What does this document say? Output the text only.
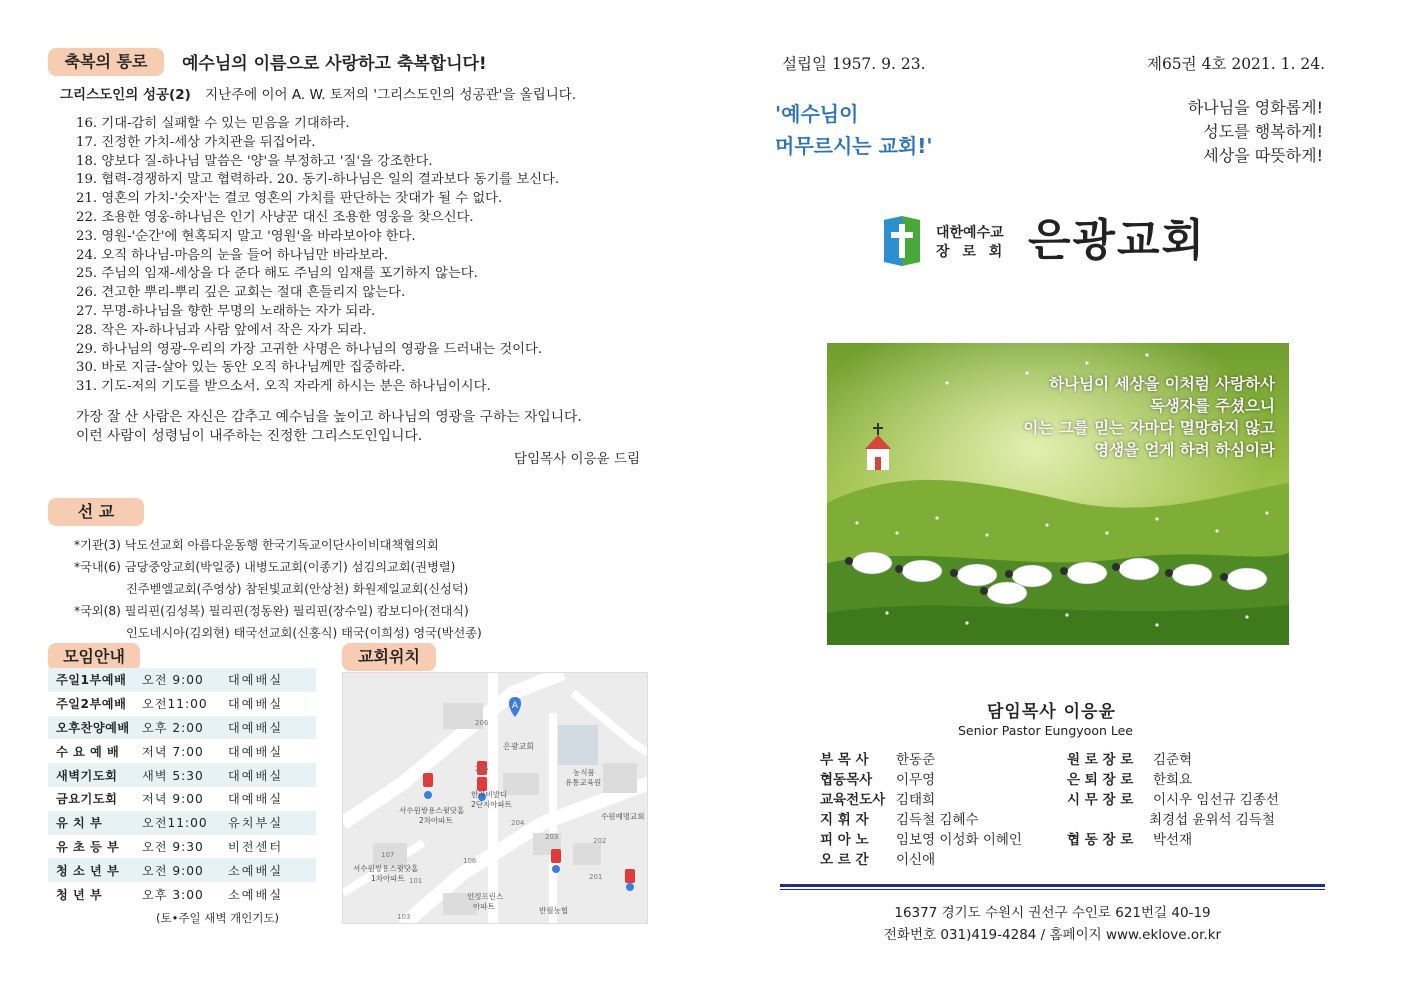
축복의 통로	예수님의 이름으로 사랑하고 축복합니다!
그리스도인의 성공(2) 지난주에 이어 A. W. 토저의 '그리스도인의 성공관'을 올립니다.
16. 기대-감히 실패할 수 있는 믿음을 기대하라.
17. 진정한 가치-세상 가치관을 뒤집어라.
18. 양보다 질-하나님 말씀은 '양'을 부정하고 '질'을 강조한다.
19. 협력-경쟁하지 말고 협력하라. 20. 동기-하나님은 일의 결과보다 동기를 보신다.
21. 영혼의 가치-'숫자'는 결코 영혼의 가치를 판단하는 잣대가 될 수 없다.
22. 조용한 영웅-하나님은 인기 사냥꾼 대신 조용한 영웅을 찾으신다.
23. 영원-'순간'에 현혹되지 말고 '영원'을 바라보아야 한다.
24. 오직 하나님-마음의 눈을 들어 하나님만 바라보라.
25. 주님의 임재-세상을 다 준다 해도 주님의 임재를 포기하지 않는다.
26. 견고한 뿌리-뿌리 깊은 교회는 절대 흔들리지 않는다.
27. 무명-하나님을 향한 무명의 노래하는 자가 되라.
28. 작은 자-하나님과 사람 앞에서 작은 자가 되라.
29. 하나님의 영광-우리의 가장 고귀한 사명은 하나님의 영광을 드러내는 것이다.
30. 바로 지금-살아 있는 동안 오직 하나님께만 집중하라.
31. 기도-저의 기도를 받으소서. 오직 자라게 하시는 분은 하나님이시다.
가장 잘 산 사람은 자신은 감추고 예수님을 높이고 하나님의 영광을 구하는 자입니다.
이런 사람이 성령님이 내주하는 진정한 그리스도인입니다.
담임목사 이응윤 드림
선 교
*기관(3) 낙도선교회 아름다운동행 한국기독교이단사이비대책협의회
*국내(6) 금당중앙교회(박일중) 내병도교회(이종기) 섬김의교회(권병렬)
진주벧엘교회(주영상) 참된빛교회(안상천) 화원제일교회(신성덕)
*국외(8) 필리핀(김성복) 필리핀(정동완) 필리핀(장수일) 캄보디아(전대식)
인도네시아(김외현) 태국선교회(신홍식) 태국(이희성) 영국(박선종)
모임안내
주일1부예배	오전 9:00	대예배실
주일2부예배	오전11:00	대예배실
오후찬양예배	오후 2:00	대예배실
수 요 예 배	저녁 7:00	대예배실
새벽기도회	새벽 5:30	대예배실
금요기도회	저녁 9:00	대예배실
유 치 부	오전11:00	유치부실
유 초 등 부	오전 9:30	비전센터
청 소 년 부	오전 9:00	소예배실
청 년 부	오후 3:00	소예배실
(토•주일 새벽 개인기도)
교회위치
A
은광교회
한라비발디
2단지아파트
서수원쌍용스윗닷홈
2차아파트
서수원쌍용스윗닷홈
1차아파트
농식품
유통교육원
수원예명교회
인정프린스
아파트	반월농협
206
205
204
203	202
201
107
106
101
103
설립일 1957. 9. 23.	제65권 4호 2021. 1. 24.
'예수님이
머무르시는 교회!'
하나님을 영화롭게!
성도를 행복하게!
세상을 따뜻하게!
대한예수교
장 로 회 은광교회
하나님이 세상을 이처럼 사랑하사
독생자를 주셨으니
이는 그를 믿는 자마다 멸망하지 않고
영생을 얻게 하려 하심이라
담임목사 이응윤
Senior Pastor Eungyoon Lee
부 목 사 한동준
협동목사 이무영
교육전도사 김태희
지 휘 자 김득철 김혜수
피 아 노 임보영 이성화 이혜인
오 르 간 이신애
원 로 장 로 김준혁
은 퇴 장 로 한희요
시 무 장 로 이시우 임선규 김종선
최경섭 윤위석 김득철
협 동 장 로 박선재
16377 경기도 수원시 권선구 수인로 621번길 40-19
전화번호 031)419-4284 / 홈페이지 www.eklove.or.kr
